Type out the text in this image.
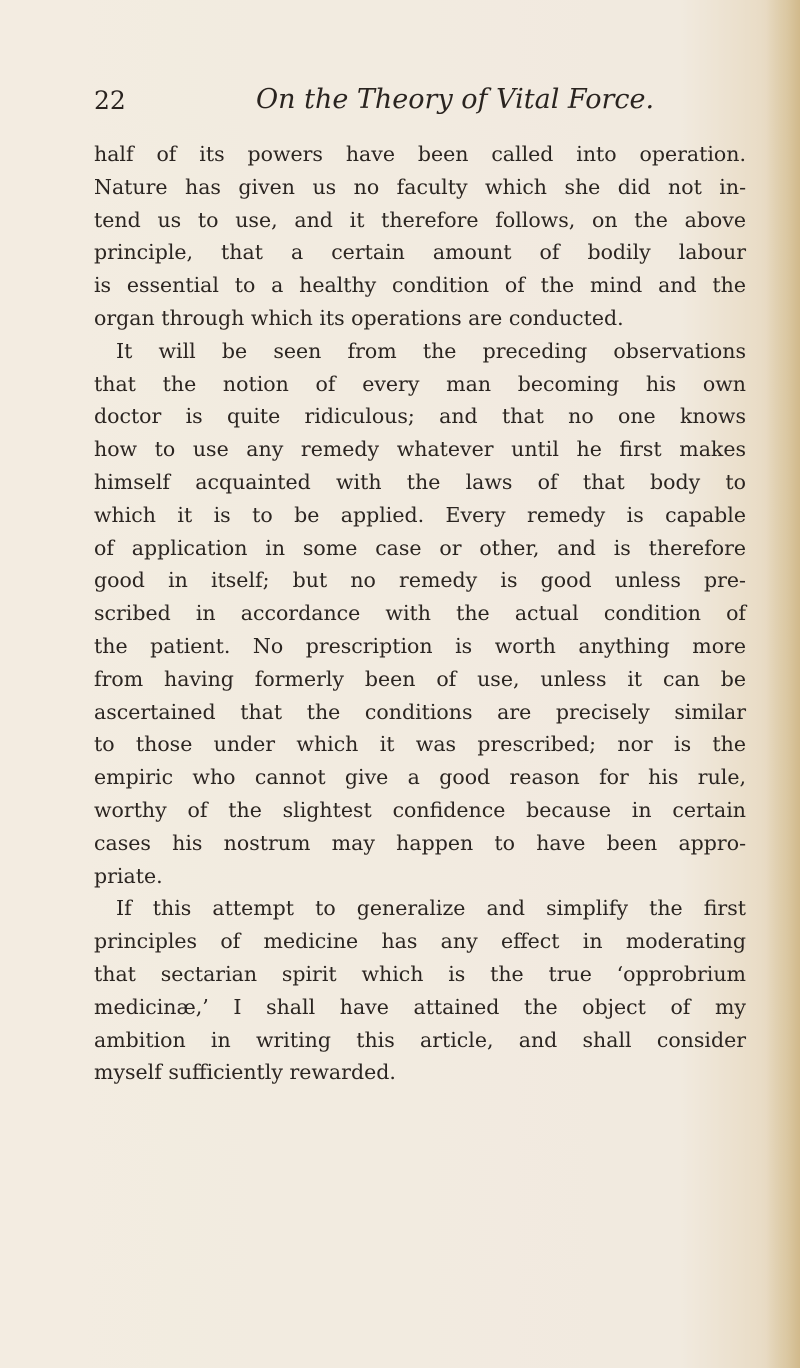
22	On the Theory of Vital Force.
half of its powers have been called into operation.
Nature has given us no faculty which she did not in-
tend us to use, and it therefore follows, on the above
principle, that a certain amount of bodily labour
is essential to a healthy condition of the mind and the
organ through which its operations are conducted.
It will be seen from the preceding observations
that the notion of every man becoming his own
doctor is quite ridiculous; and that no one knows
how to use any remedy whatever until he first makes
himself acquainted with the laws of that body to
which it is to be applied. Every remedy is capable
of application in some case or other, and is therefore
good in itself; but no remedy is good unless pre-
scribed in accordance with the actual condition of
the patient. No prescription is worth anything more
from having formerly been of use, unless it can be
ascertained that the conditions are precisely similar
to those under which it was prescribed; nor is the
empiric who cannot give a good reason for his rule,
worthy of the slightest confidence because in certain
cases his nostrum may happen to have been appro-
priate.
If this attempt to generalize and simplify the first
principles of medicine has any effect in moderating
that sectarian spirit which is the true ‘opprobrium
medicinæ,’ I shall have attained the object of my
ambition in writing this article, and shall consider
myself sufficiently rewarded.
